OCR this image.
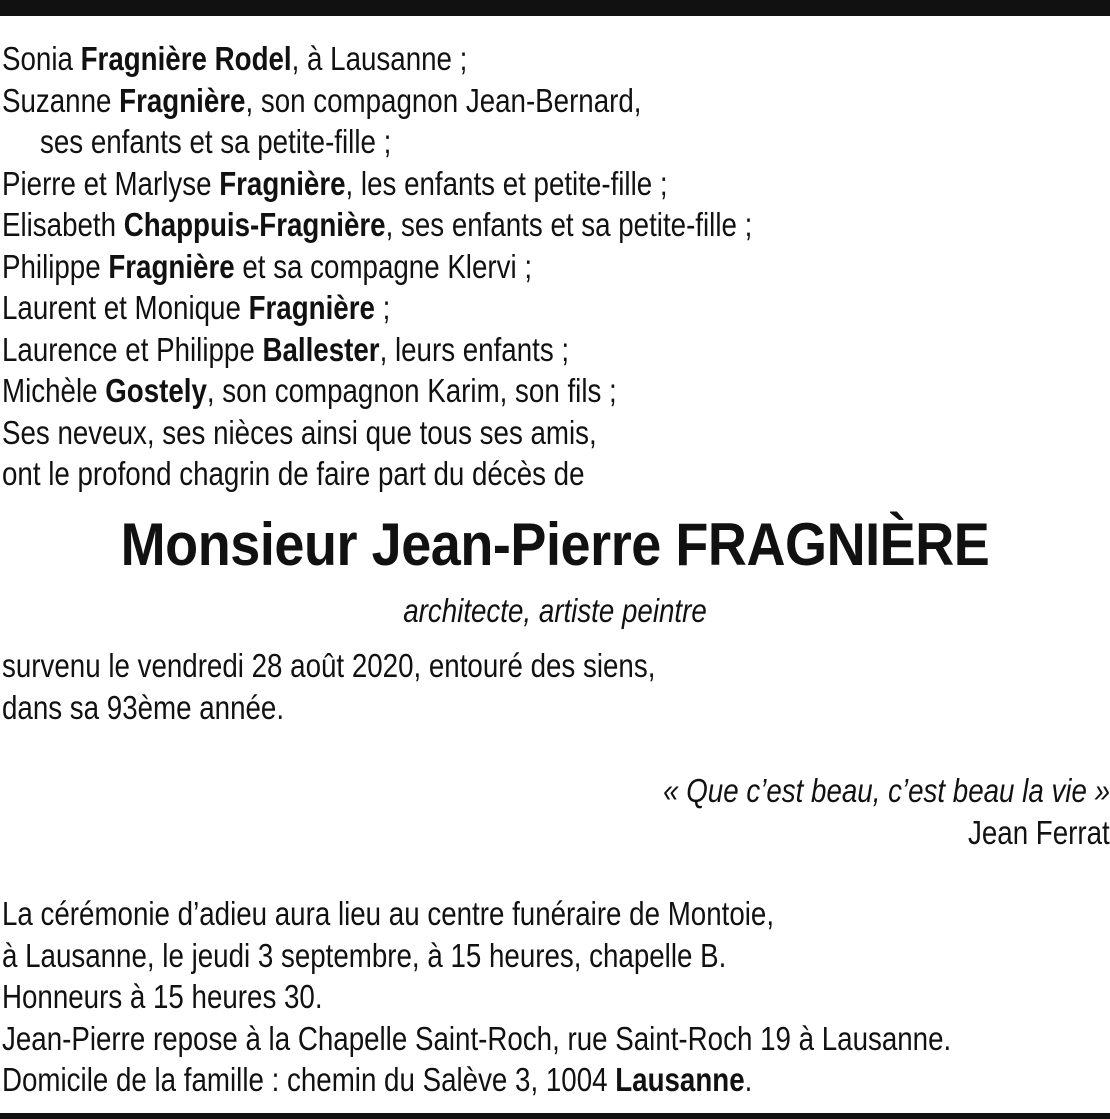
Sonia Fragnière Rodel, à Lausanne ;
Suzanne Fragnière, son compagnon Jean-Bernard,
ses enfants et sa petite-fille ;
Pierre et Marlyse Fragnière, les enfants et petite-fille ;
Elisabeth Chappuis-Fragnière, ses enfants et sa petite-fille ;
Philippe Fragnière et sa compagne Klervi ;
Laurent et Monique Fragnière ;
Laurence et Philippe Ballester, leurs enfants ;
Michèle Gostely, son compagnon Karim, son fils ;
Ses neveux, ses nièces ainsi que tous ses amis,
ont le profond chagrin de faire part du décès de
Monsieur Jean-Pierre FRAGNIÈRE
architecte, artiste peintre
survenu le vendredi 28 août 2020, entouré des siens,
dans sa 93ème année.
« Que c’est beau, c’est beau la vie »
Jean Ferrat
La cérémonie d’adieu aura lieu au centre funéraire de Montoie,
à Lausanne, le jeudi 3 septembre, à 15 heures, chapelle B.
Honneurs à 15 heures 30.
Jean-Pierre repose à la Chapelle Saint-Roch, rue Saint-Roch 19 à Lausanne.
Domicile de la famille : chemin du Salève 3, 1004 Lausanne.
